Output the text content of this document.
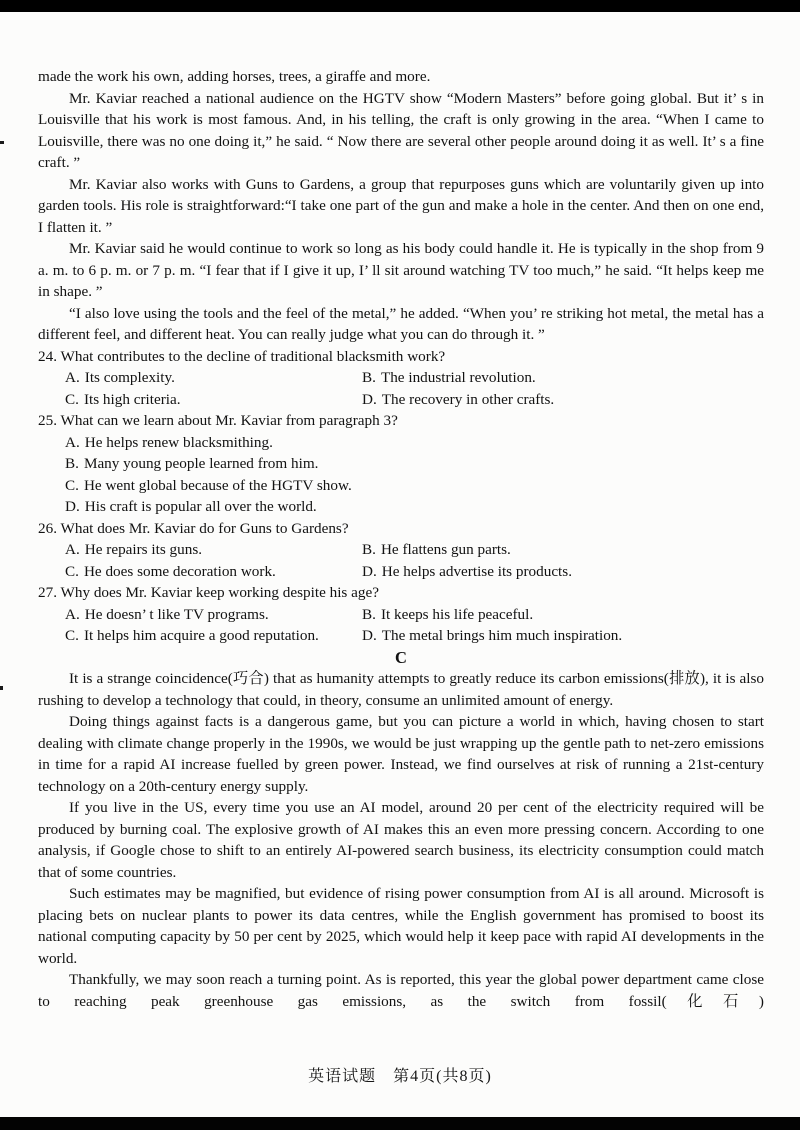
made the work his own, adding horses, trees, a giraffe and more.

Mr. Kaviar reached a national audience on the HGTV show “Modern Masters” before going global. But it’ s in Louisville that his work is most famous. And, in his telling, the craft is only growing in the area. “When I came to Louisville, there was no one doing it,” he said. “ Now there are several other people around doing it as well. It’ s a fine craft. ”

Mr. Kaviar also works with Guns to Gardens, a group that repurposes guns which are voluntarily given up into garden tools. His role is straightforward:“I take one part of the gun and make a hole in the center. And then on one end, I flatten it. ”

Mr. Kaviar said he would continue to work so long as his body could handle it. He is typically in the shop from 9 a. m. to 6 p. m. or 7 p. m. “I fear that if I give it up, I’ ll sit around watching TV too much,” he said. “It helps keep me in shape. ”

“I also love using the tools and the feel of the metal,” he added. “When you’ re striking hot metal, the metal has a different feel, and different heat. You can really judge what you can do through it. ”

24. What contributes to the decline of traditional blacksmith work?
A. Its complexity.	B. The industrial revolution.
C. Its high criteria.	D. The recovery in other crafts.
25. What can we learn about Mr. Kaviar from paragraph 3?
A. He helps renew blacksmithing.
B. Many young people learned from him.
C. He went global because of the HGTV show.
D. His craft is popular all over the world.
26. What does Mr. Kaviar do for Guns to Gardens?
A. He repairs its guns.	B. He flattens gun parts.
C. He does some decoration work.	D. He helps advertise its products.
27. Why does Mr. Kaviar keep working despite his age?
A. He doesn’ t like TV programs.	B. It keeps his life peaceful.
C. It helps him acquire a good reputation.	D. The metal brings him much inspiration.

C

It is a strange coincidence(巧合) that as humanity attempts to greatly reduce its carbon emissions(排放), it is also rushing to develop a technology that could, in theory, consume an unlimited amount of energy.

Doing things against facts is a dangerous game, but you can picture a world in which, having chosen to start dealing with climate change properly in the 1990s, we would be just wrapping up the gentle path to net-zero emissions in time for a rapid AI increase fuelled by green power. Instead, we find ourselves at risk of running a 21st-century technology on a 20th-century energy supply.

If you live in the US, every time you use an AI model, around 20 per cent of the electricity required will be produced by burning coal. The explosive growth of AI makes this an even more pressing concern. According to one analysis, if Google chose to shift to an entirely AI-powered search business, its electricity consumption could match that of some countries.

Such estimates may be magnified, but evidence of rising power consumption from AI is all around. Microsoft is placing bets on nuclear plants to power its data centres, while the English government has promised to boost its national computing capacity by 50 per cent by 2025, which would help it keep pace with rapid AI developments in the world.

Thankfully, we may soon reach a turning point. As is reported, this year the global power department came close to reaching peak greenhouse gas emissions, as the switch from fossil(化石)

英语试题　第4页(共8页)
